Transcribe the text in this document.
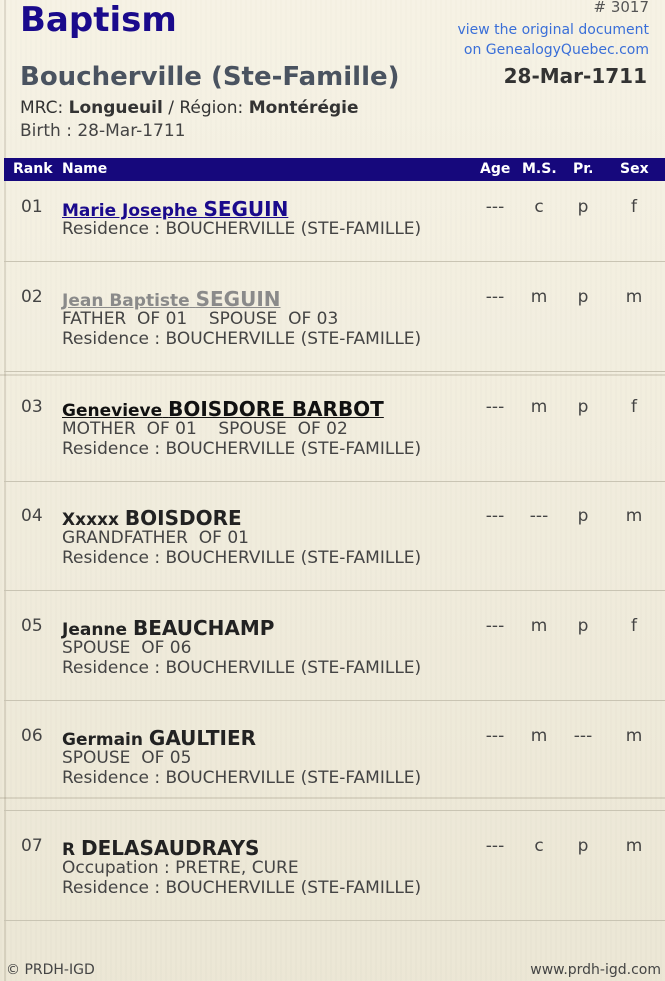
Baptism	# 3017
view the original document
on GenealogyQuebec.com
Boucherville (Ste-Famille)	28-Mar-1711
MRC: Longueuil / Région: Montérégie
Birth : 28-Mar-1711
Rank Name	Age M.S. Pr. Sex
01 Marie Josephe SEGUIN
Residence : BOUCHERVILLE (STE-FAMILLE)
---	c	p	f
02 Jean Baptiste SEGUIN
FATHER  OF 01    SPOUSE  OF 03
Residence : BOUCHERVILLE (STE-FAMILLE)
---	m	p	m
03 Genevieve BOISDORE BARBOT
MOTHER  OF 01    SPOUSE  OF 02
Residence : BOUCHERVILLE (STE-FAMILLE)
---	m	p	f
04 Xxxxx BOISDORE
GRANDFATHER  OF 01
Residence : BOUCHERVILLE (STE-FAMILLE)
---	---	p	m
05 Jeanne BEAUCHAMP
SPOUSE  OF 06
Residence : BOUCHERVILLE (STE-FAMILLE)
---	m	p	f
06 Germain GAULTIER
SPOUSE  OF 05
Residence : BOUCHERVILLE (STE-FAMILLE)
---	m	---	m
07 R DELASAUDRAYS
Occupation : PRETRE, CURE
Residence : BOUCHERVILLE (STE-FAMILLE)
---	c	p	m
© PRDH-IGD	www.prdh-igd.com
